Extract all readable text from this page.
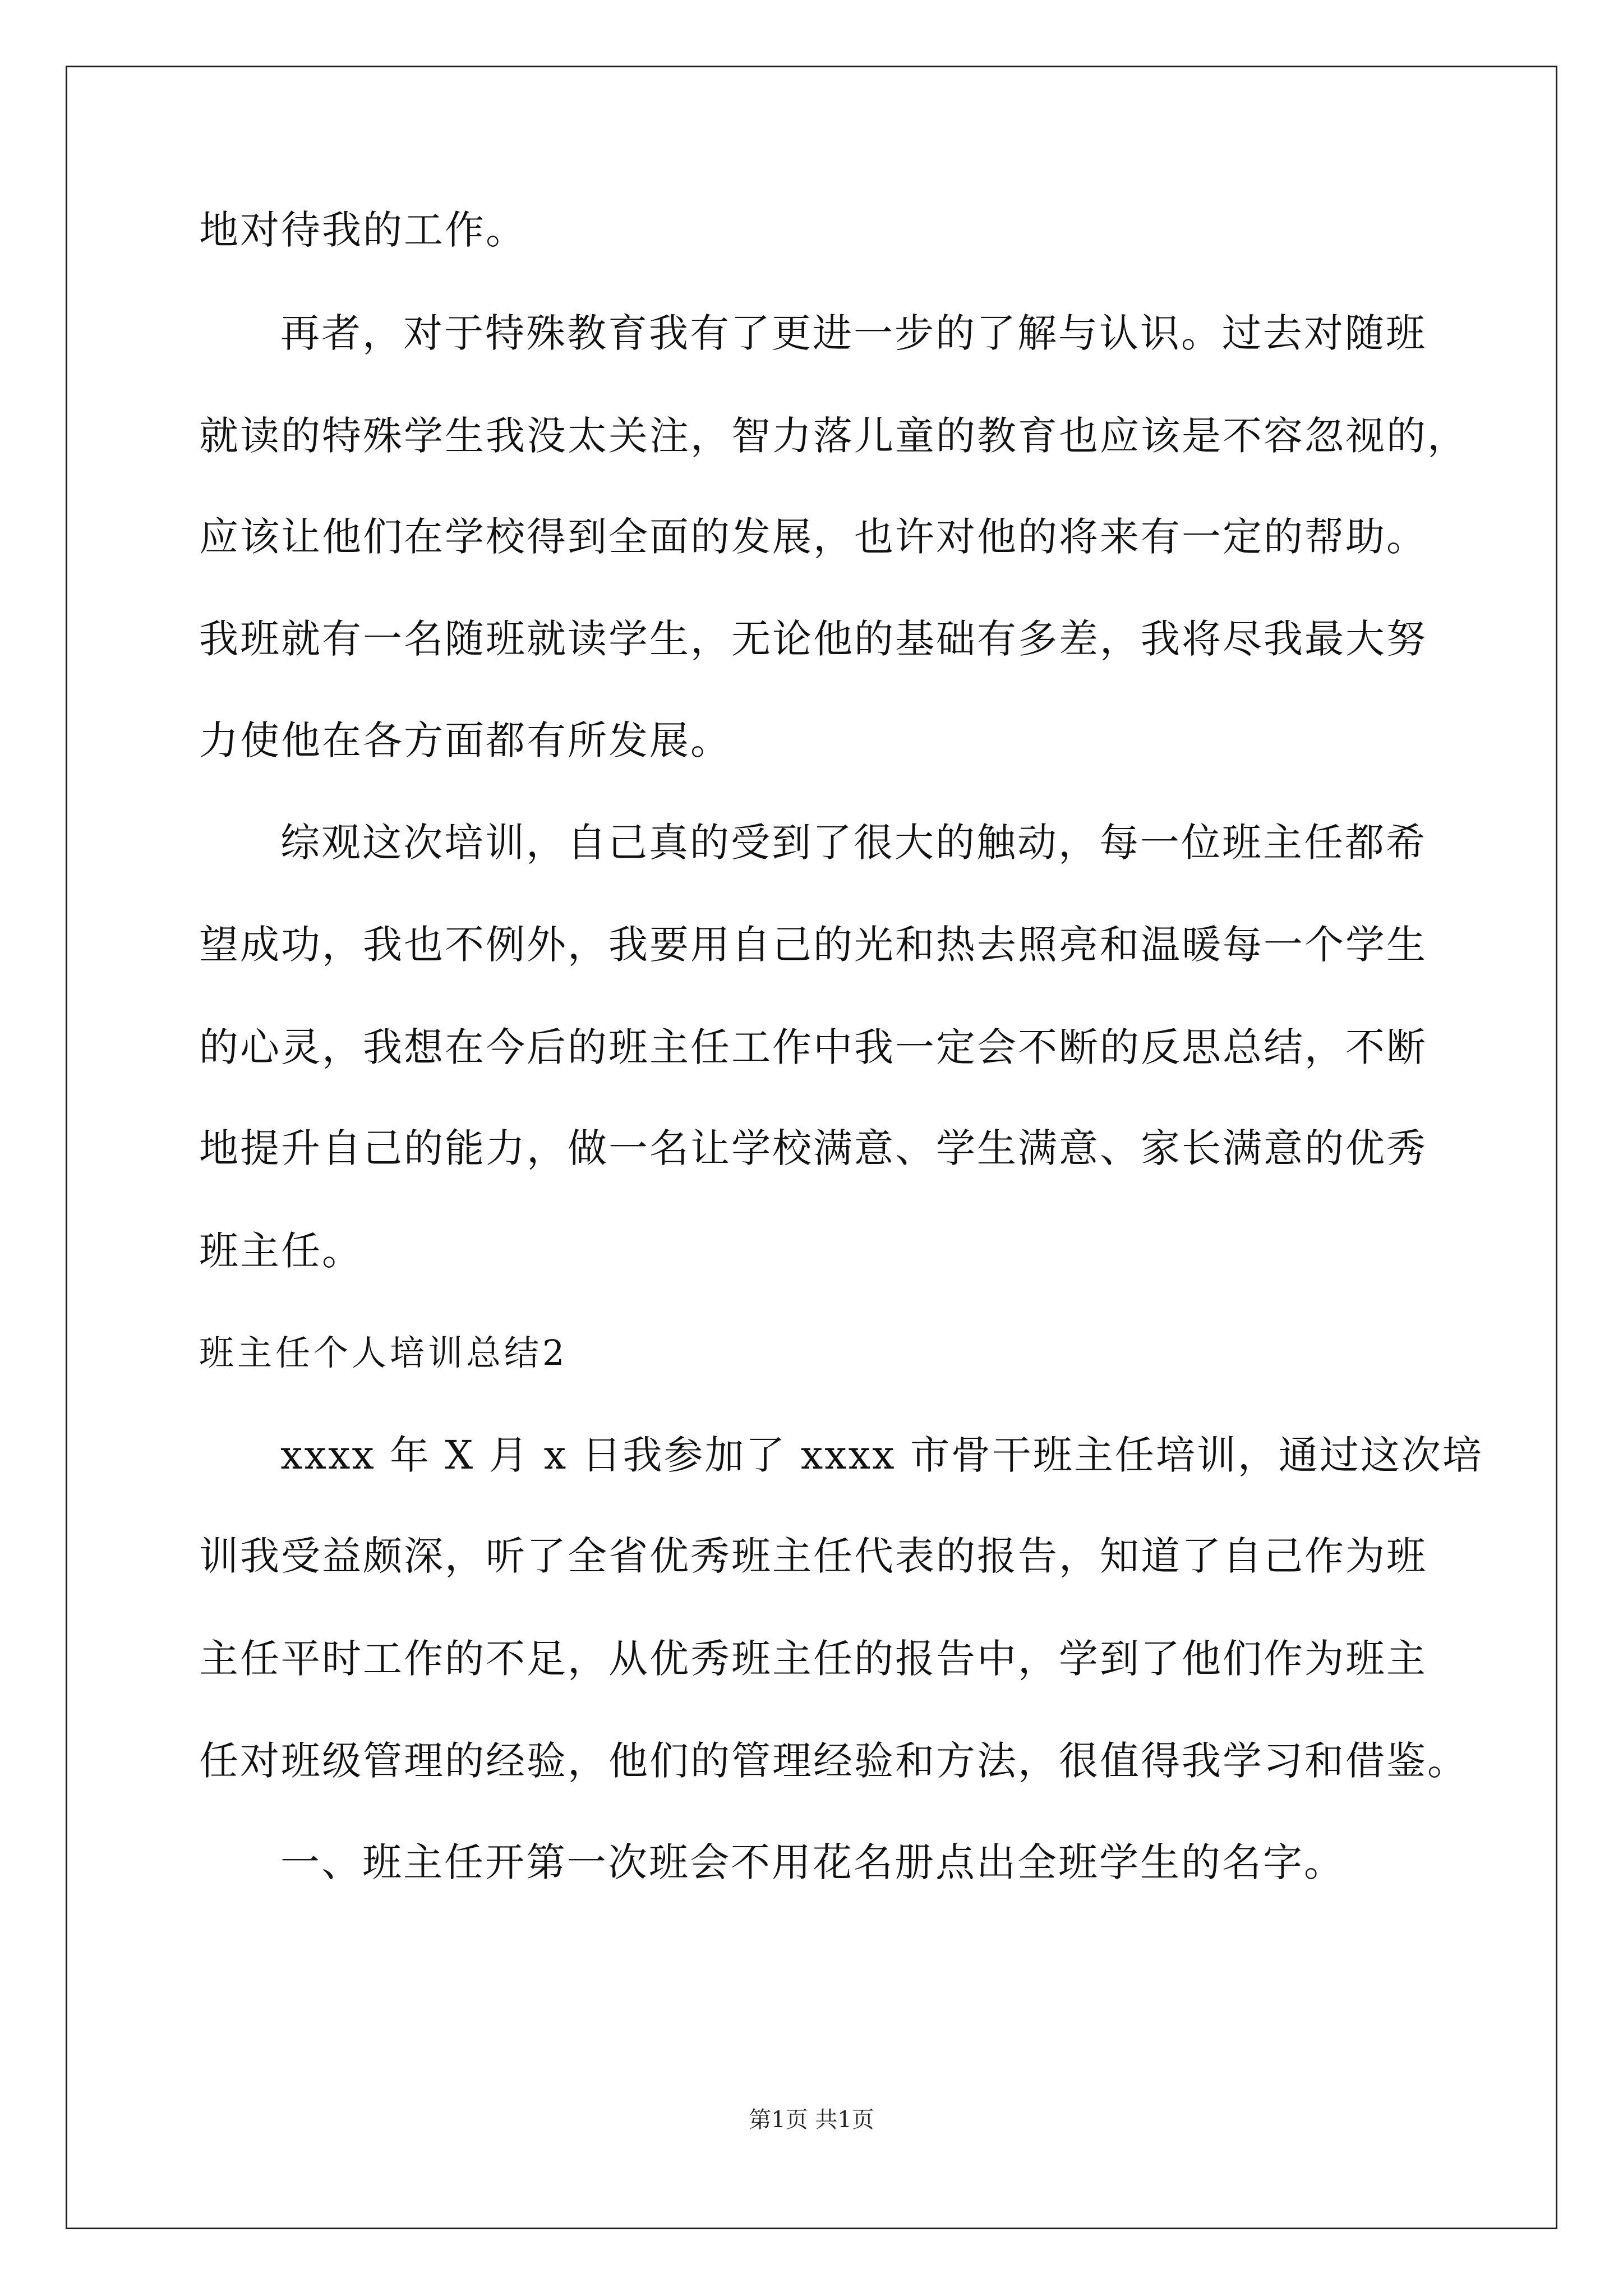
地对待我的工作。
再者，对于特殊教育我有了更进一步的了解与认识。过去对随班
就读的特殊学生我没太关注，智力落儿童的教育也应该是不容忽视的，
应该让他们在学校得到全面的发展，也许对他的将来有一定的帮助。
我班就有一名随班就读学生，无论他的基础有多差，我将尽我最大努
力使他在各方面都有所发展。
综观这次培训，自己真的受到了很大的触动，每一位班主任都希
望成功，我也不例外，我要用自己的光和热去照亮和温暖每一个学生
的心灵，我想在今后的班主任工作中我一定会不断的反思总结，不断
地提升自己的能力，做一名让学校满意、学生满意、家长满意的优秀
班主任。
班主任个人培训总结2
xxxx 年 X 月 x 日我参加了 xxxx 市骨干班主任培训，通过这次培
训我受益颇深，听了全省优秀班主任代表的报告，知道了自己作为班
主任平时工作的不足，从优秀班主任的报告中，学到了他们作为班主
任对班级管理的经验，他们的管理经验和方法，很值得我学习和借鉴。
一、班主任开第一次班会不用花名册点出全班学生的名字。
第1页 共1页
